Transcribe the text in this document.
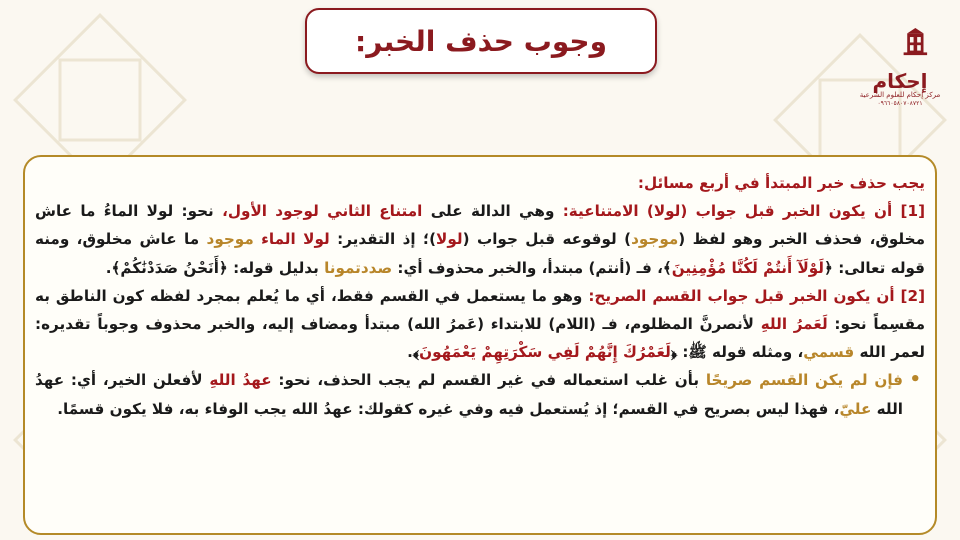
وجوب حذف الخبر:
إحكام
مركز إحكام للعلوم الشرعية
٠٩٦٦٠٥٨٠٧٠٨٧٢١

يجب حذف خبر المبتدأ في أربع مسائل:

[1] أن يكون الخبر قبل جواب (لولا) الامتناعية: وهي الدالة على امتناع الثاني لوجود الأول، نحو: لولا الماءُ ما عاش مخلوق، فحذف الخبر وهو لفظ (موجود) لوقوعه قبل جواب (لولا)؛ إذ التقدير: لولا الماء موجود ما عاش مخلوق، ومنه قوله تعالى: ﴿لَوْلَآ أَنتُمْ لَكُنَّا مُؤْمِنِينَ﴾، فـ (أنتم) مبتدأ، والخبر محذوف أي: صددتمونا بدليل قوله: ﴿أَنَحْنُ صَدَدْنَٰكُمْ﴾.

[2] أن يكون الخبر قبل جواب القسم الصريح: وهو ما يستعمل في القسم فقط، أي ما يُعلم بمجرد لفظه كون الناطق به مقسِماً نحو: لَعَمرُ اللهِ لأنصرنَّ المظلوم، فـ (اللام) للابتداء (عَمرُ الله) مبتدأ ومضاف إليه، والخبر محذوف وجوباً تقديره: لعمر الله قسمي، ومثله قوله ﷺ: ﴿لَعَمْرُكَ إِنَّهُمْ لَفِي سَكْرَتِهِمْ يَعْمَهُونَ﴾.

•
فإن لم يكن القسم صريحًا بأن غلب استعماله في غير القسم لم يجب الحذف، نحو: عهدُ اللهِ لأفعلن الخير، أي: عهدُ الله عليّ، فهذا ليس بصريح في القسم؛ إذ يُستعمل فيه وفي غيره كقولك: عهدُ الله يجب الوفاء به، فلا يكون قسمًا.
